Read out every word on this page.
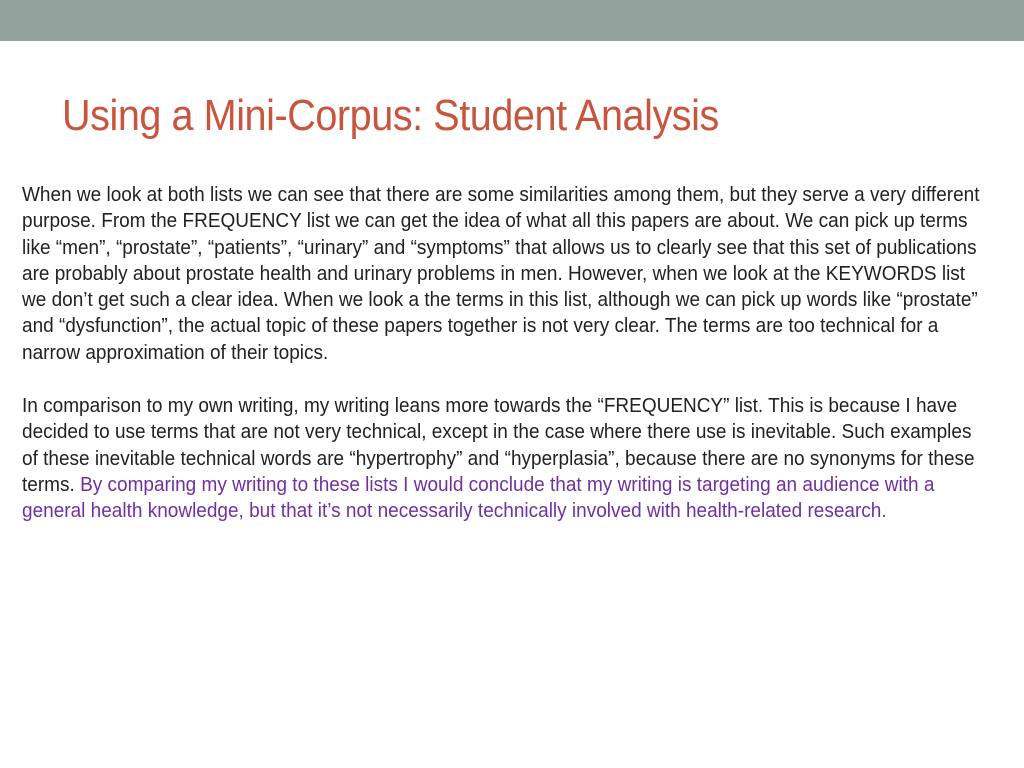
Using a Mini-Corpus: Student Analysis

When we look at both lists we can see that there are some similarities among them, but they serve a very different purpose. From the FREQUENCY list we can get the idea of what all this papers are about. We can pick up terms like “men”, “prostate”, “patients”, “urinary” and “symptoms” that allows us to clearly see that this set of publications are probably about prostate health and urinary problems in men. However, when we look at the KEYWORDS list we don’t get such a clear idea. When we look a the terms in this list, although we can pick up words like “prostate” and “dysfunction”, the actual topic of these papers together is not very clear. The terms are too technical for a narrow approximation of their topics.

In comparison to my own writing, my writing leans more towards the “FREQUENCY” list. This is because I have decided to use terms that are not very technical, except in the case where there use is inevitable. Such examples of these inevitable technical words are “hypertrophy” and “hyperplasia”, because there are no synonyms for these terms. By comparing my writing to these lists I would conclude that my writing is targeting an audience with a general health knowledge, but that it’s not necessarily technically involved with health-related research.
